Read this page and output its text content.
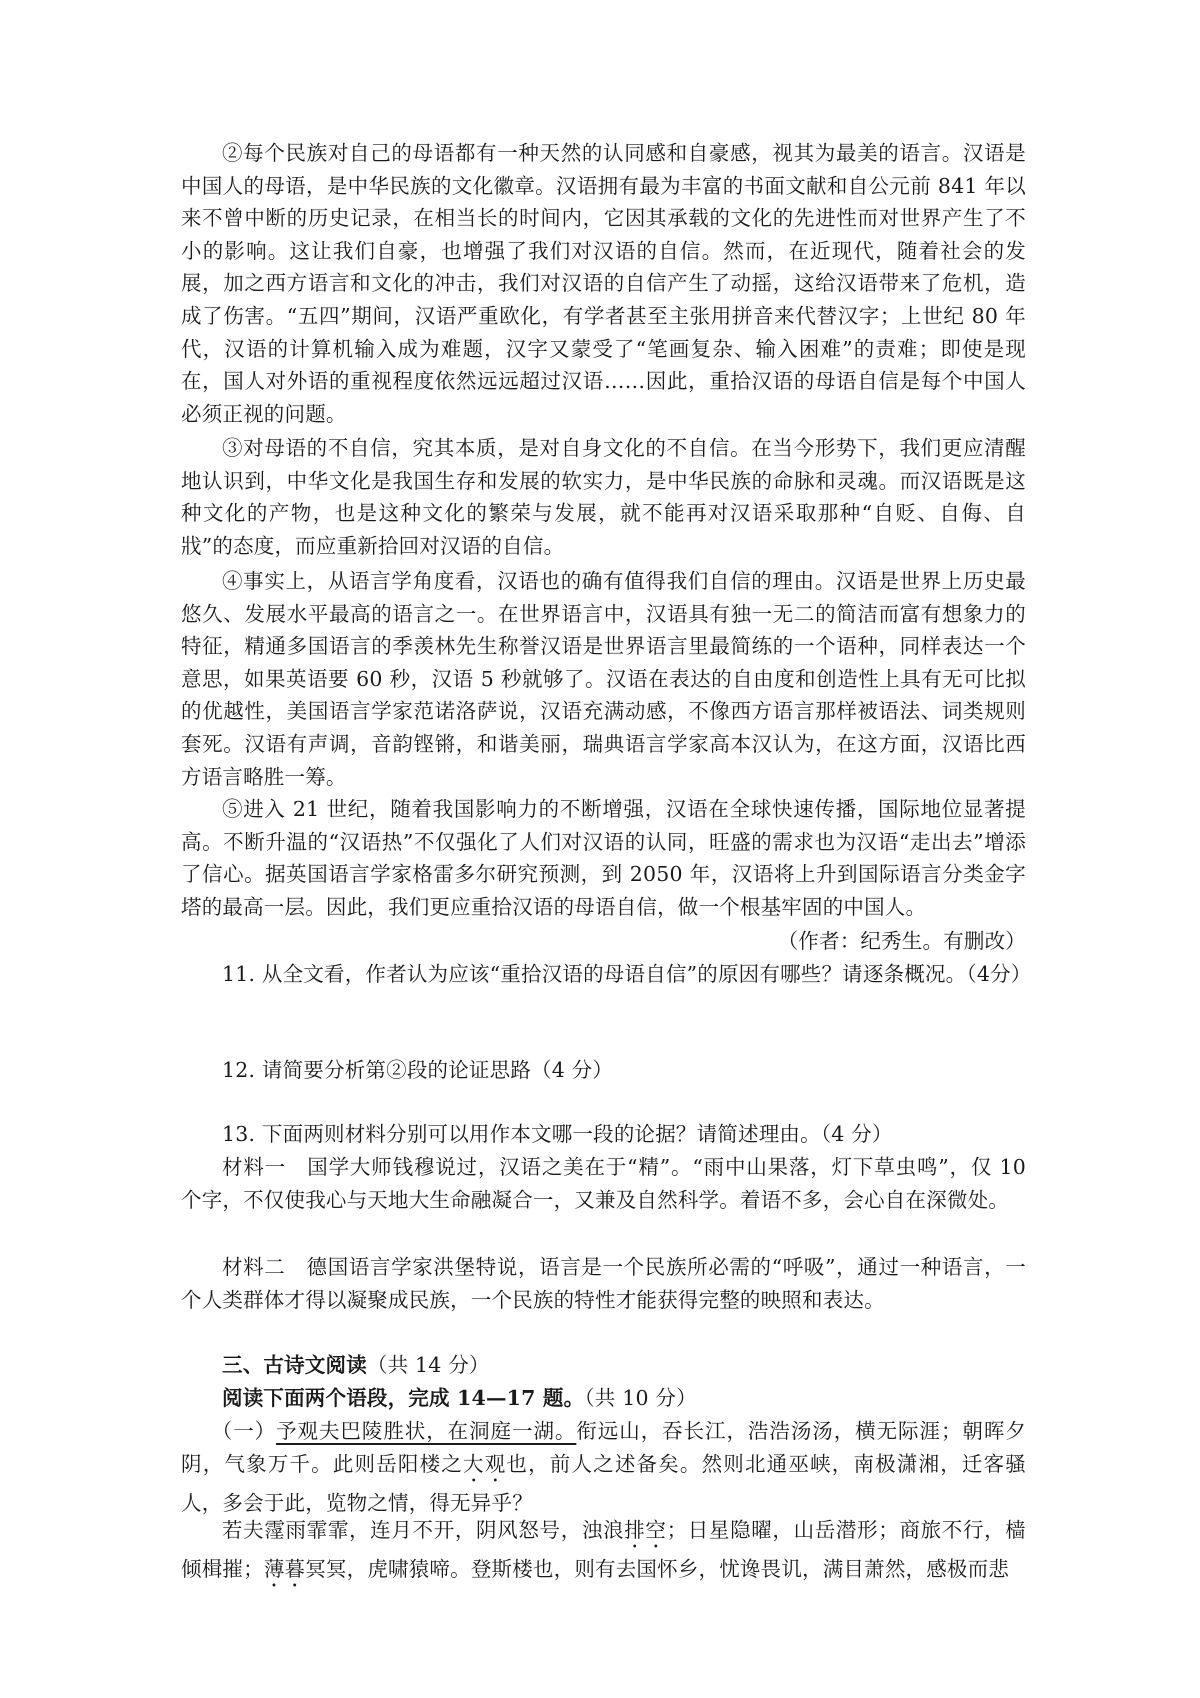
②每个民族对自己的母语都有一种天然的认同感和自豪感，视其为最美的语言。汉语是中国人的母语，是中华民族的文化徽章。汉语拥有最为丰富的书面文献和自公元前 841 年以来不曾中断的历史记录，在相当长的时间内，它因其承载的文化的先进性而对世界产生了不小的影响。这让我们自豪，也增强了我们对汉语的自信。然而，在近现代，随着社会的发展，加之西方语言和文化的冲击，我们对汉语的自信产生了动摇，这给汉语带来了危机，造成了伤害。“五四”期间，汉语严重欧化，有学者甚至主张用拼音来代替汉字；上世纪 80 年代，汉语的计算机输入成为难题，汉字又蒙受了“笔画复杂、输入困难”的责难；即使是现在，国人对外语的重视程度依然远远超过汉语……因此，重拾汉语的母语自信是每个中国人必须正视的问题。
③对母语的不自信，究其本质，是对自身文化的不自信。在当今形势下，我们更应清醒地认识到，中华文化是我国生存和发展的软实力，是中华民族的命脉和灵魂。而汉语既是这种文化的产物，也是这种文化的繁荣与发展，就不能再对汉语采取那种“自贬、自侮、自戕”的态度，而应重新拾回对汉语的自信。
④事实上，从语言学角度看，汉语也的确有值得我们自信的理由。汉语是世界上历史最悠久、发展水平最高的语言之一。在世界语言中，汉语具有独一无二的简洁而富有想象力的特征，精通多国语言的季羡林先生称誉汉语是世界语言里最简练的一个语种，同样表达一个意思，如果英语要 60 秒，汉语 5 秒就够了。汉语在表达的自由度和创造性上具有无可比拟的优越性，美国语言学家范诺洛萨说，汉语充满动感，不像西方语言那样被语法、词类规则套死。汉语有声调，音韵铿锵，和谐美丽，瑞典语言学家高本汉认为，在这方面，汉语比西方语言略胜一筹。
⑤进入 21 世纪，随着我国影响力的不断增强，汉语在全球快速传播，国际地位显著提高。不断升温的“汉语热”不仅强化了人们对汉语的认同，旺盛的需求也为汉语“走出去”增添了信心。据英国语言学家格雷多尔研究预测，到 2050 年，汉语将上升到国际语言分类金字塔的最高一层。因此，我们更应重拾汉语的母语自信，做一个根基牢固的中国人。
（作者：纪秀生。有删改）
11. 从全文看，作者认为应该“重拾汉语的母语自信”的原因有哪些？请逐条概况。（4分）
12. 请简要分析第②段的论证思路（4 分）
13. 下面两则材料分别可以用作本文哪一段的论据？请简述理由。（4 分）
材料一　国学大师钱穆说过，汉语之美在于“精”。“雨中山果落，灯下草虫鸣”，仅 10 个字，不仅使我心与天地大生命融凝合一，又兼及自然科学。着语不多，会心自在深微处。
材料二　德国语言学家洪堡特说，语言是一个民族所必需的“呼吸”，通过一种语言，一个人类群体才得以凝聚成民族，一个民族的特性才能获得完整的映照和表达。
三、古诗文阅读（共 14 分）
阅读下面两个语段，完成 14—17 题。（共 10 分）
（一）予观夫巴陵胜状，在洞庭一湖。衔远山，吞长江，浩浩汤汤，横无际涯；朝晖夕阴，气象万千。此则岳阳楼之大观也，前人之述备矣。然则北通巫峡，南极潇湘，迁客骚人，多会于此，览物之情，得无异乎？
若夫霪雨霏霏，连月不开，阴风怒号，浊浪排空；日星隐曜，山岳潜形；商旅不行，樯倾楫摧；薄暮冥冥，虎啸猿啼。登斯楼也，则有去国怀乡，忧谗畏讥，满目萧然，感极而悲
